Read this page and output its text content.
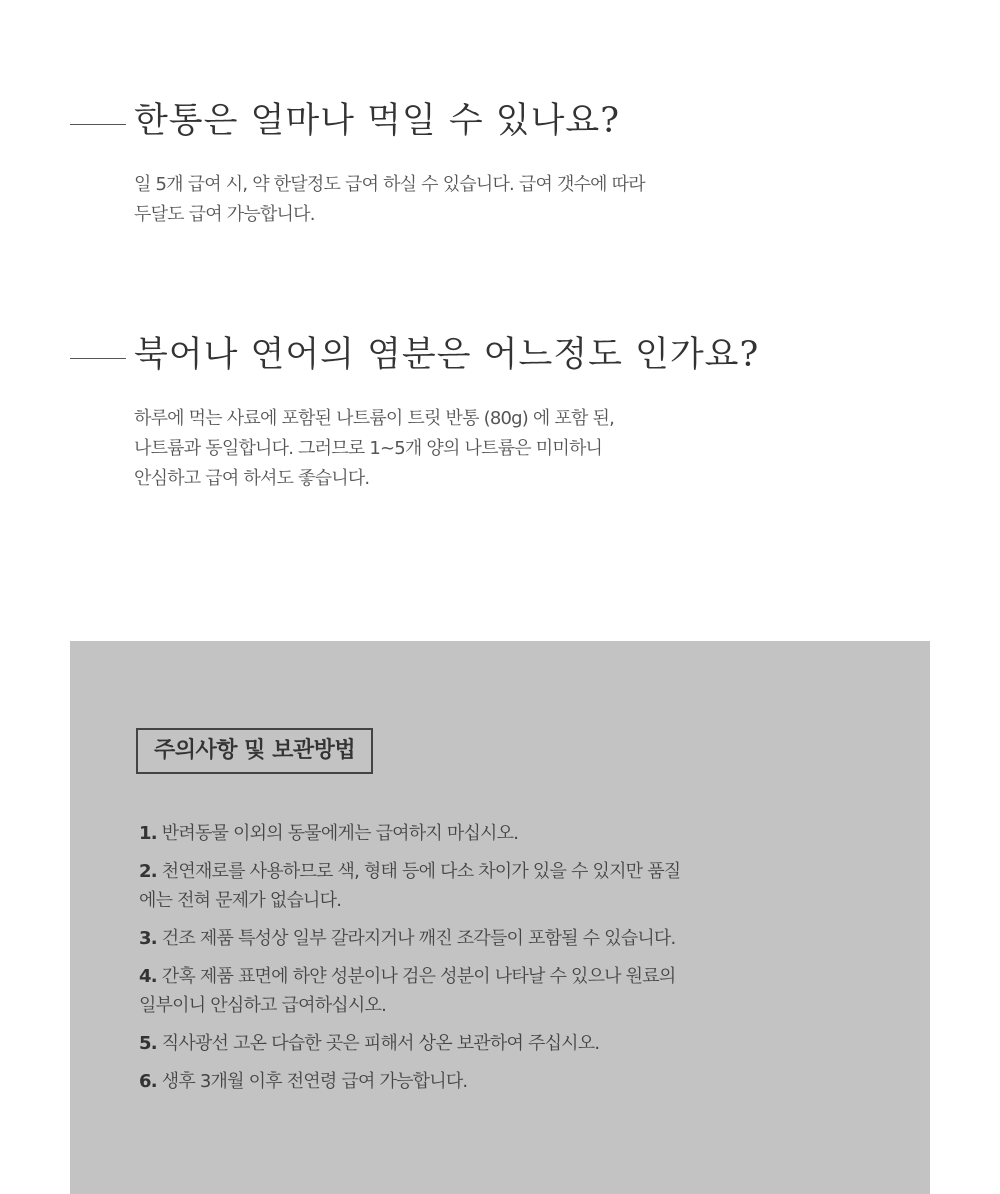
한통은 얼마나 먹일 수 있나요?
일 5개 급여 시, 약 한달정도 급여 하실 수 있습니다. 급여 갯수에 따라
두달도 급여 가능합니다.
북어나 연어의 염분은 어느정도 인가요?
하루에 먹는 사료에 포함된 나트륨이 트릿 반통 (80g) 에 포함 된,
나트륨과 동일합니다. 그러므로 1~5개 양의 나트륨은 미미하니
안심하고 급여 하셔도 좋습니다.
주의사항 및 보관방법
1. 반려동물 이외의 동물에게는 급여하지 마십시오.
2. 천연재로를 사용하므로 색, 형태 등에 다소 차이가 있을 수 있지만 품질
에는 전혀 문제가 없습니다.
3. 건조 제품 특성상 일부 갈라지거나 깨진 조각들이 포함될 수 있습니다.
4. 간혹 제품 표면에 하얀 성분이나 검은 성분이 나타날 수 있으나 원료의
일부이니 안심하고 급여하십시오.
5. 직사광선 고온 다습한 곳은 피해서 상온 보관하여 주십시오.
6. 생후 3개월 이후 전연령 급여 가능합니다.
